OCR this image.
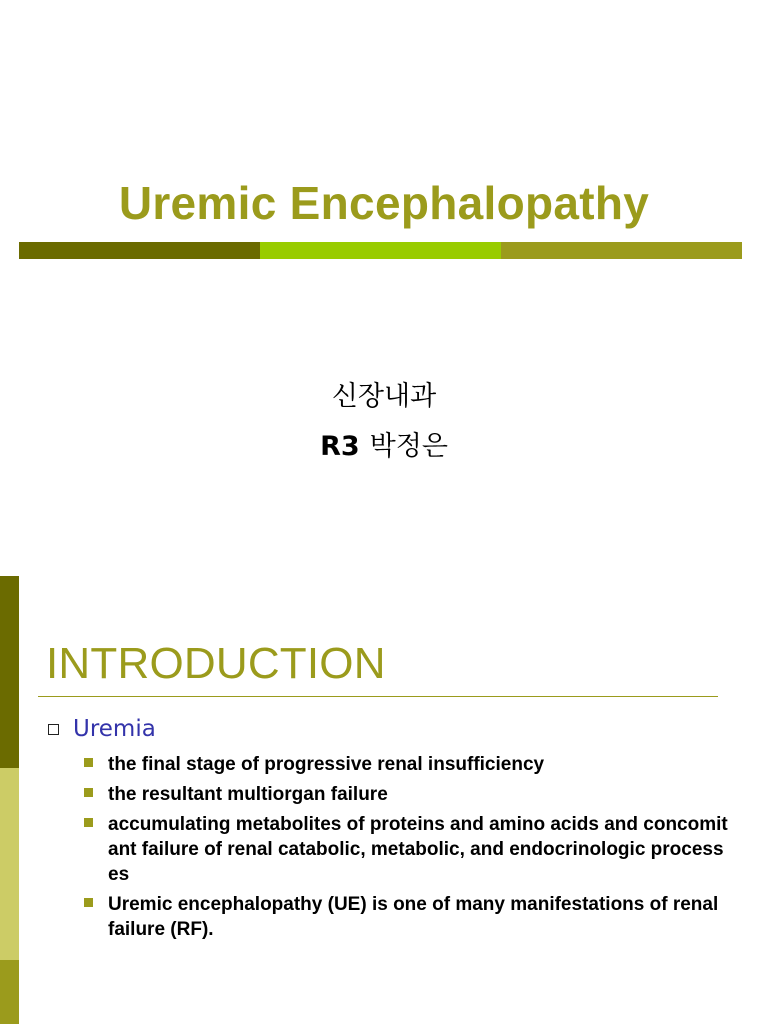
Uremic Encephalopathy
신장내과
R3 박정은
INTRODUCTION
Uremia
the final stage of progressive renal insufficiency
the resultant multiorgan failure
accumulating metabolites of proteins and amino acids and concomitant failure of renal catabolic, metabolic, and endocrinologic processes
Uremic encephalopathy (UE) is one of many manifestations of renal failure (RF).
